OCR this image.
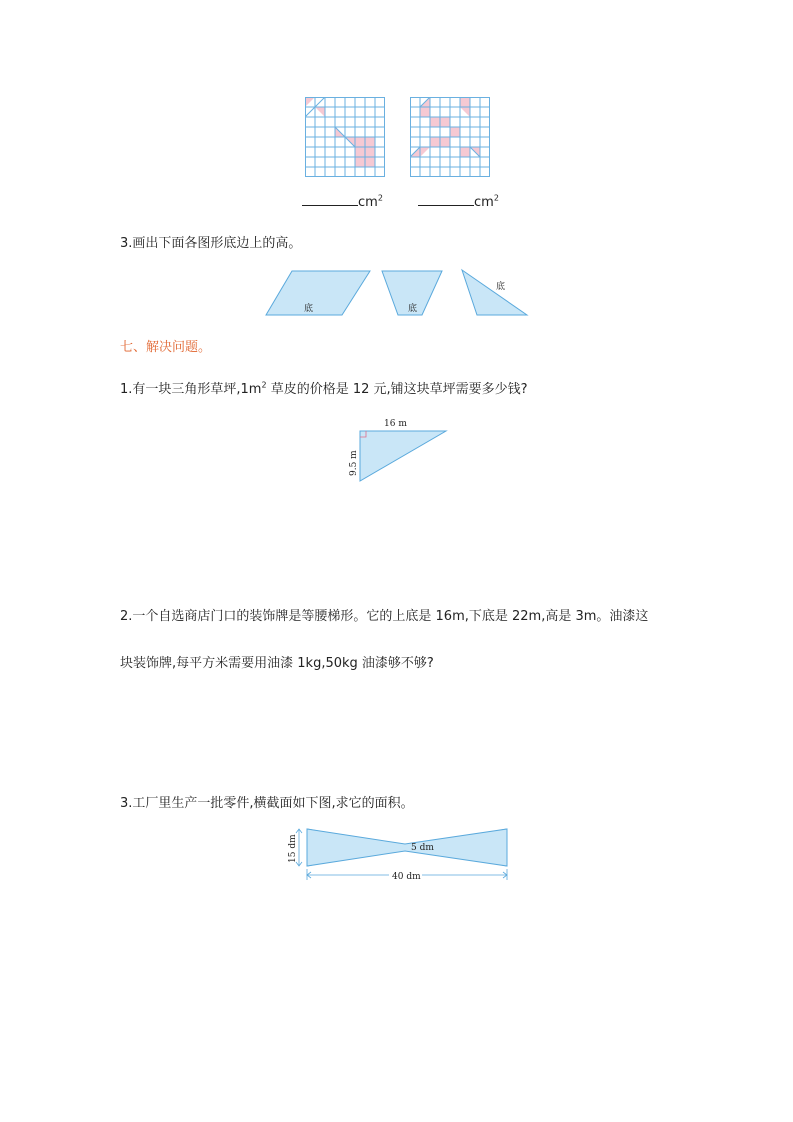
$cm^2$	$cm^2$
3.画出下面各图形底边上的高。
底	底
底
七、解决问题。
1.有一块三角形草坪$,1m^2$ 草皮的价格是 12 元,铺这块草坪需要多少钱?
16 m
9.5 m
2.一个自选商店门口的装饰牌是等腰梯形。它的上底是 16m,下底是 22m,高是 3m。油漆这
块装饰牌,每平方米需要用油漆 1kg,50kg 油漆够不够?
3.工厂里生产一批零件,横截面如下图,求它的面积。
15 dm	5 dm
40 dm
